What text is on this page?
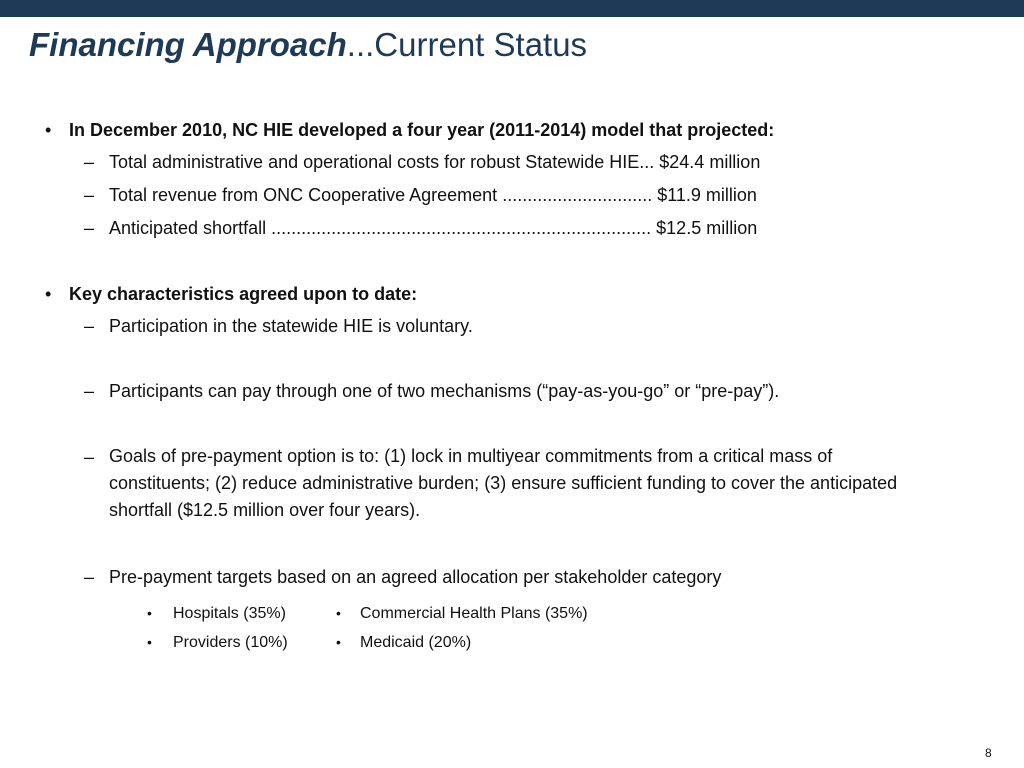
Financing Approach...Current Status
• In December 2010, NC HIE developed a four year (2011-2014) model that projected:
– Total administrative and operational costs for robust Statewide HIE... $24.4 million
– Total revenue from ONC Cooperative Agreement .............................. $11.9 million
– Anticipated shortfall ............................................................................ $12.5 million
• Key characteristics agreed upon to date:
– Participation in the statewide HIE is voluntary.
– Participants can pay through one of two mechanisms (“pay-as-you-go” or “pre-pay”).
– Goals of pre-payment option is to: (1) lock in multiyear commitments from a critical mass of constituents; (2) reduce administrative burden; (3) ensure sufficient funding to cover the anticipated shortfall ($12.5 million over four years).
– Pre-payment targets based on an agreed allocation per stakeholder category
• Hospitals (35%)	• Commercial Health Plans (35%)
• Providers (10%)	• Medicaid (20%)
8
